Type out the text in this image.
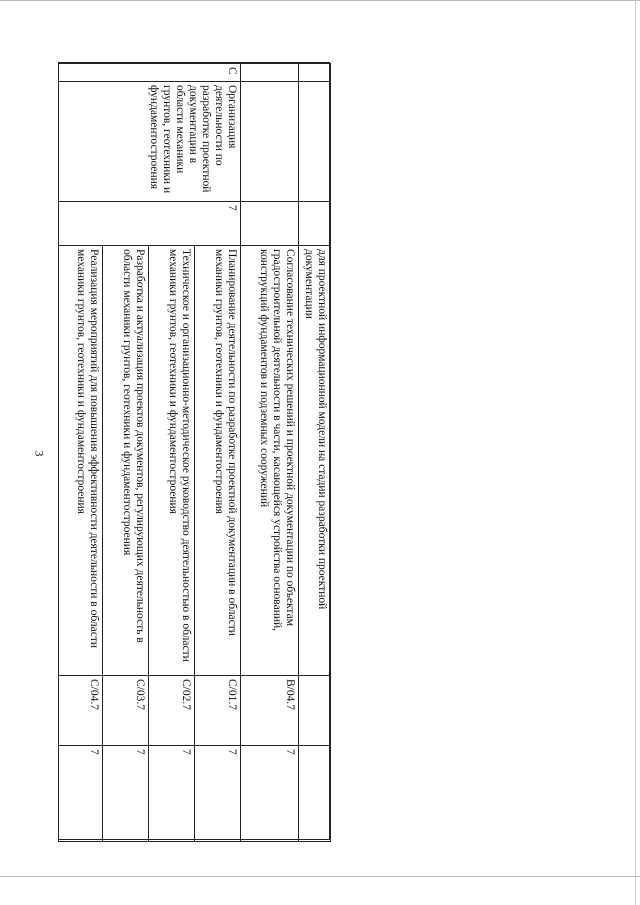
3
				для проектной информационной модели на стадии разработки проектной документации		
			Согласование технических решений и проектной документации по объектам градостроительной деятельности в части, касающейся устройства оснований, конструкций фундаментов и подземных сооружений	B/04.7	7
C	Организация деятельности по разработке проектной документации в области механики грунтов, геотехники и фундаментостроения	7	Планирование деятельности по разработке проектной документации в области механики грунтов, геотехники и фундаментостроения	C/01.7	7
			Техническое и организационно-методическое руководство деятельностью в области механики грунтов, геотехники и фундаментостроения	C/02.7	7
			Разработка и актуализация проектов документов, регулирующих деятельность в области механики грунтов, геотехники и фундаментостроения	C/03.7	7
			Реализация мероприятий для повышения эффективности деятельности в области механики грунтов, геотехники и фундаментостроения	C/04.7	7
